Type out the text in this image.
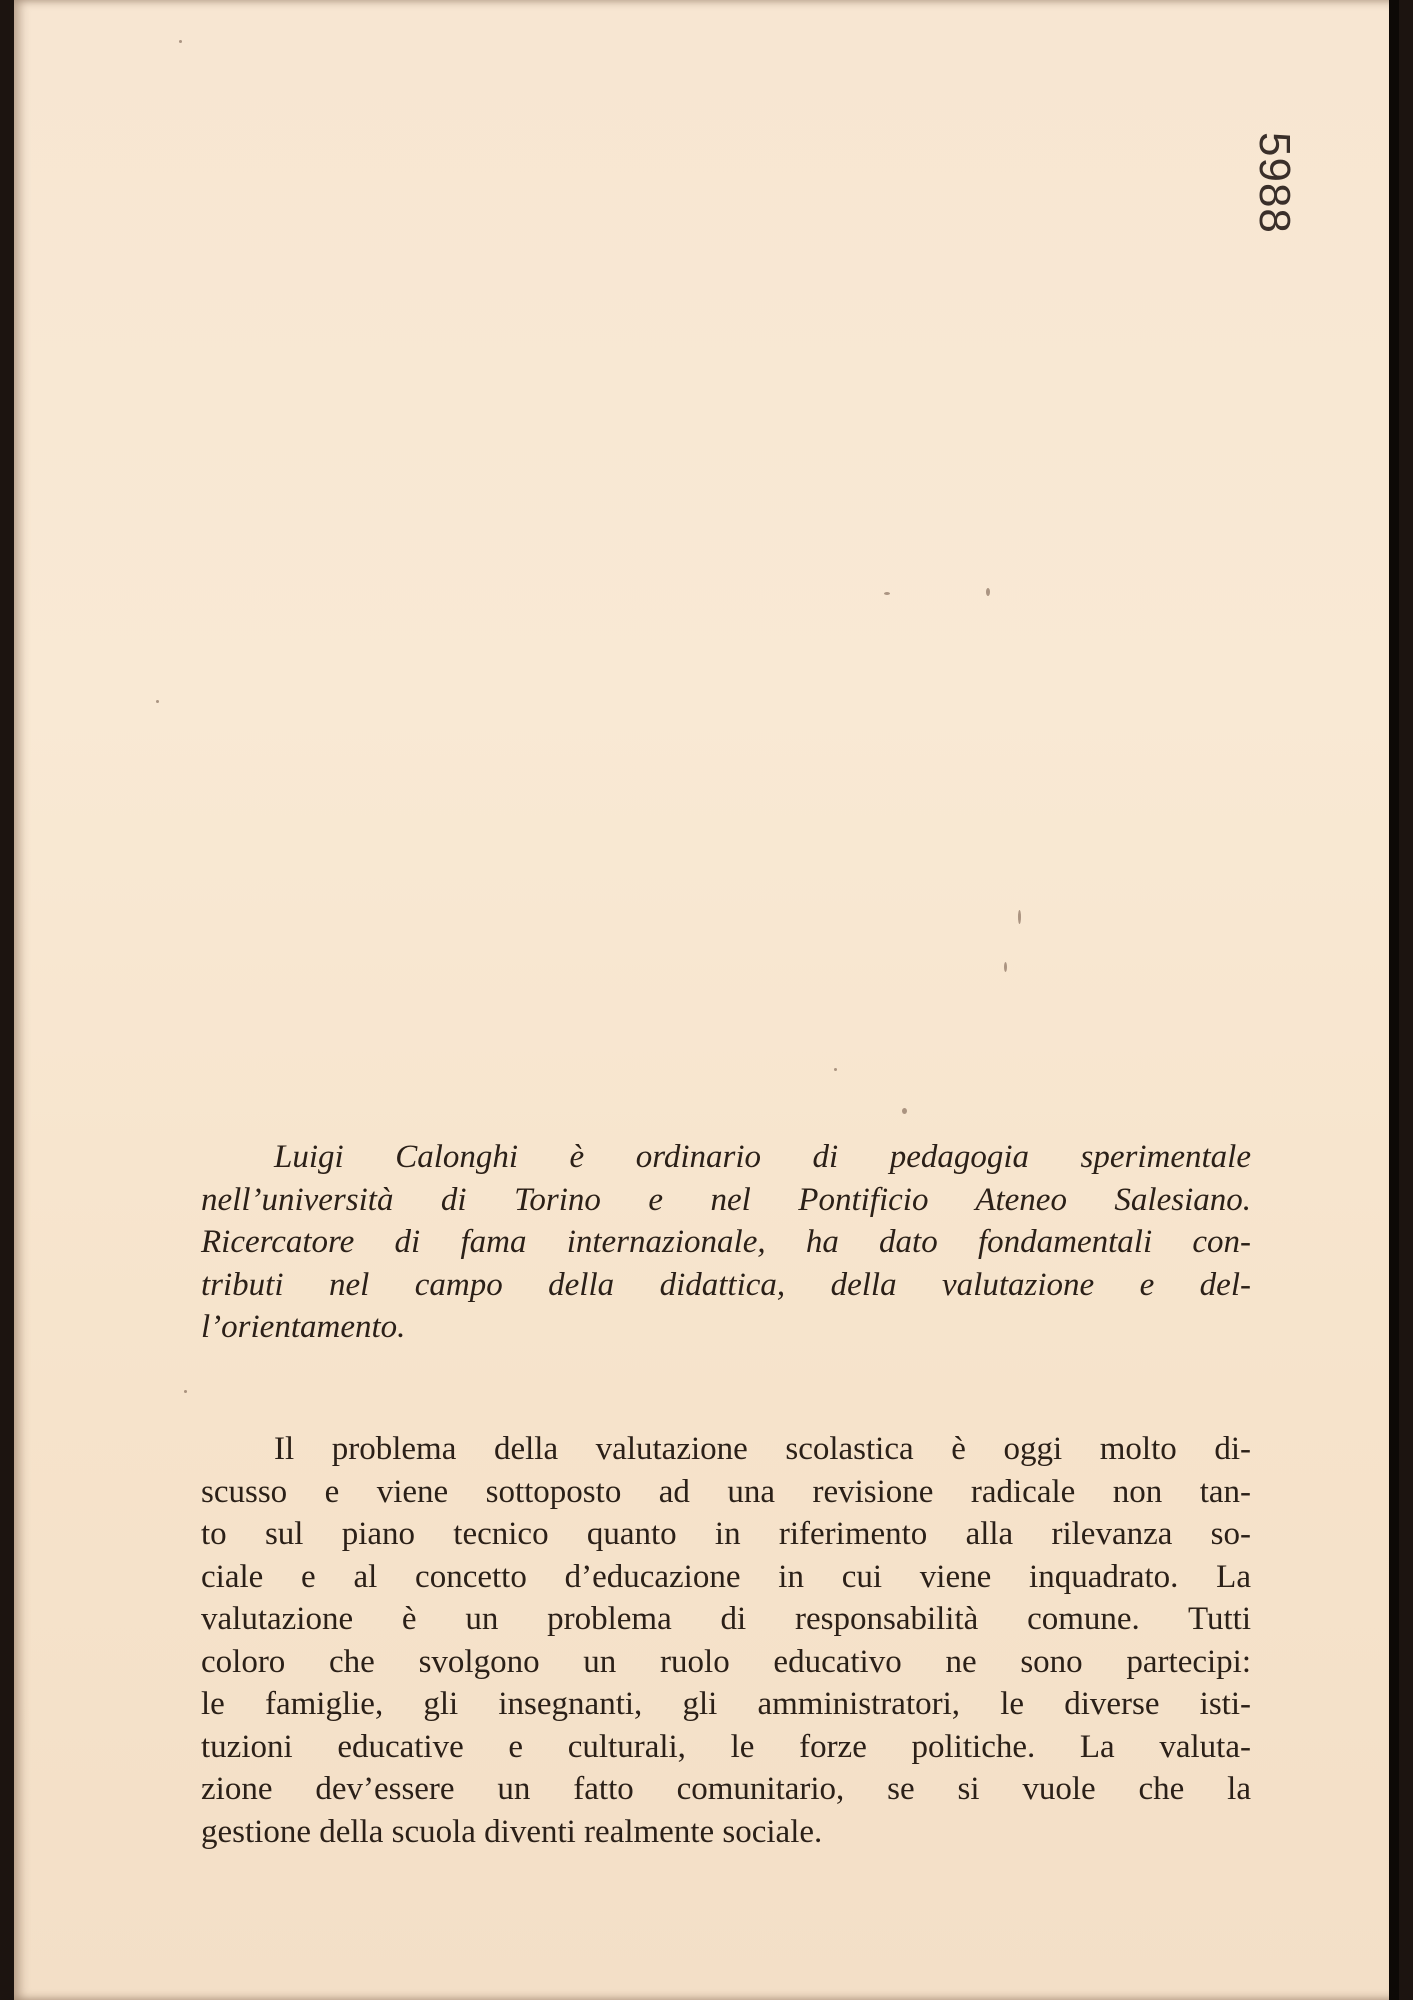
5988
Luigi Calonghi è ordinario di pedagogia sperimentale
nell’università di Torino e nel Pontificio Ateneo Salesiano.
Ricercatore di fama internazionale, ha dato fondamentali con-
tributi nel campo della didattica, della valutazione e del-
l’orientamento.
Il problema della valutazione scolastica è oggi molto di-
scusso e viene sottoposto ad una revisione radicale non tan-
to sul piano tecnico quanto in riferimento alla rilevanza so-
ciale e al concetto d’educazione in cui viene inquadrato. La
valutazione è un problema di responsabilità comune. Tutti
coloro che svolgono un ruolo educativo ne sono partecipi:
le famiglie, gli insegnanti, gli amministratori, le diverse isti-
tuzioni educative e culturali, le forze politiche. La valuta-
zione dev’essere un fatto comunitario, se si vuole che la
gestione della scuola diventi realmente sociale.
